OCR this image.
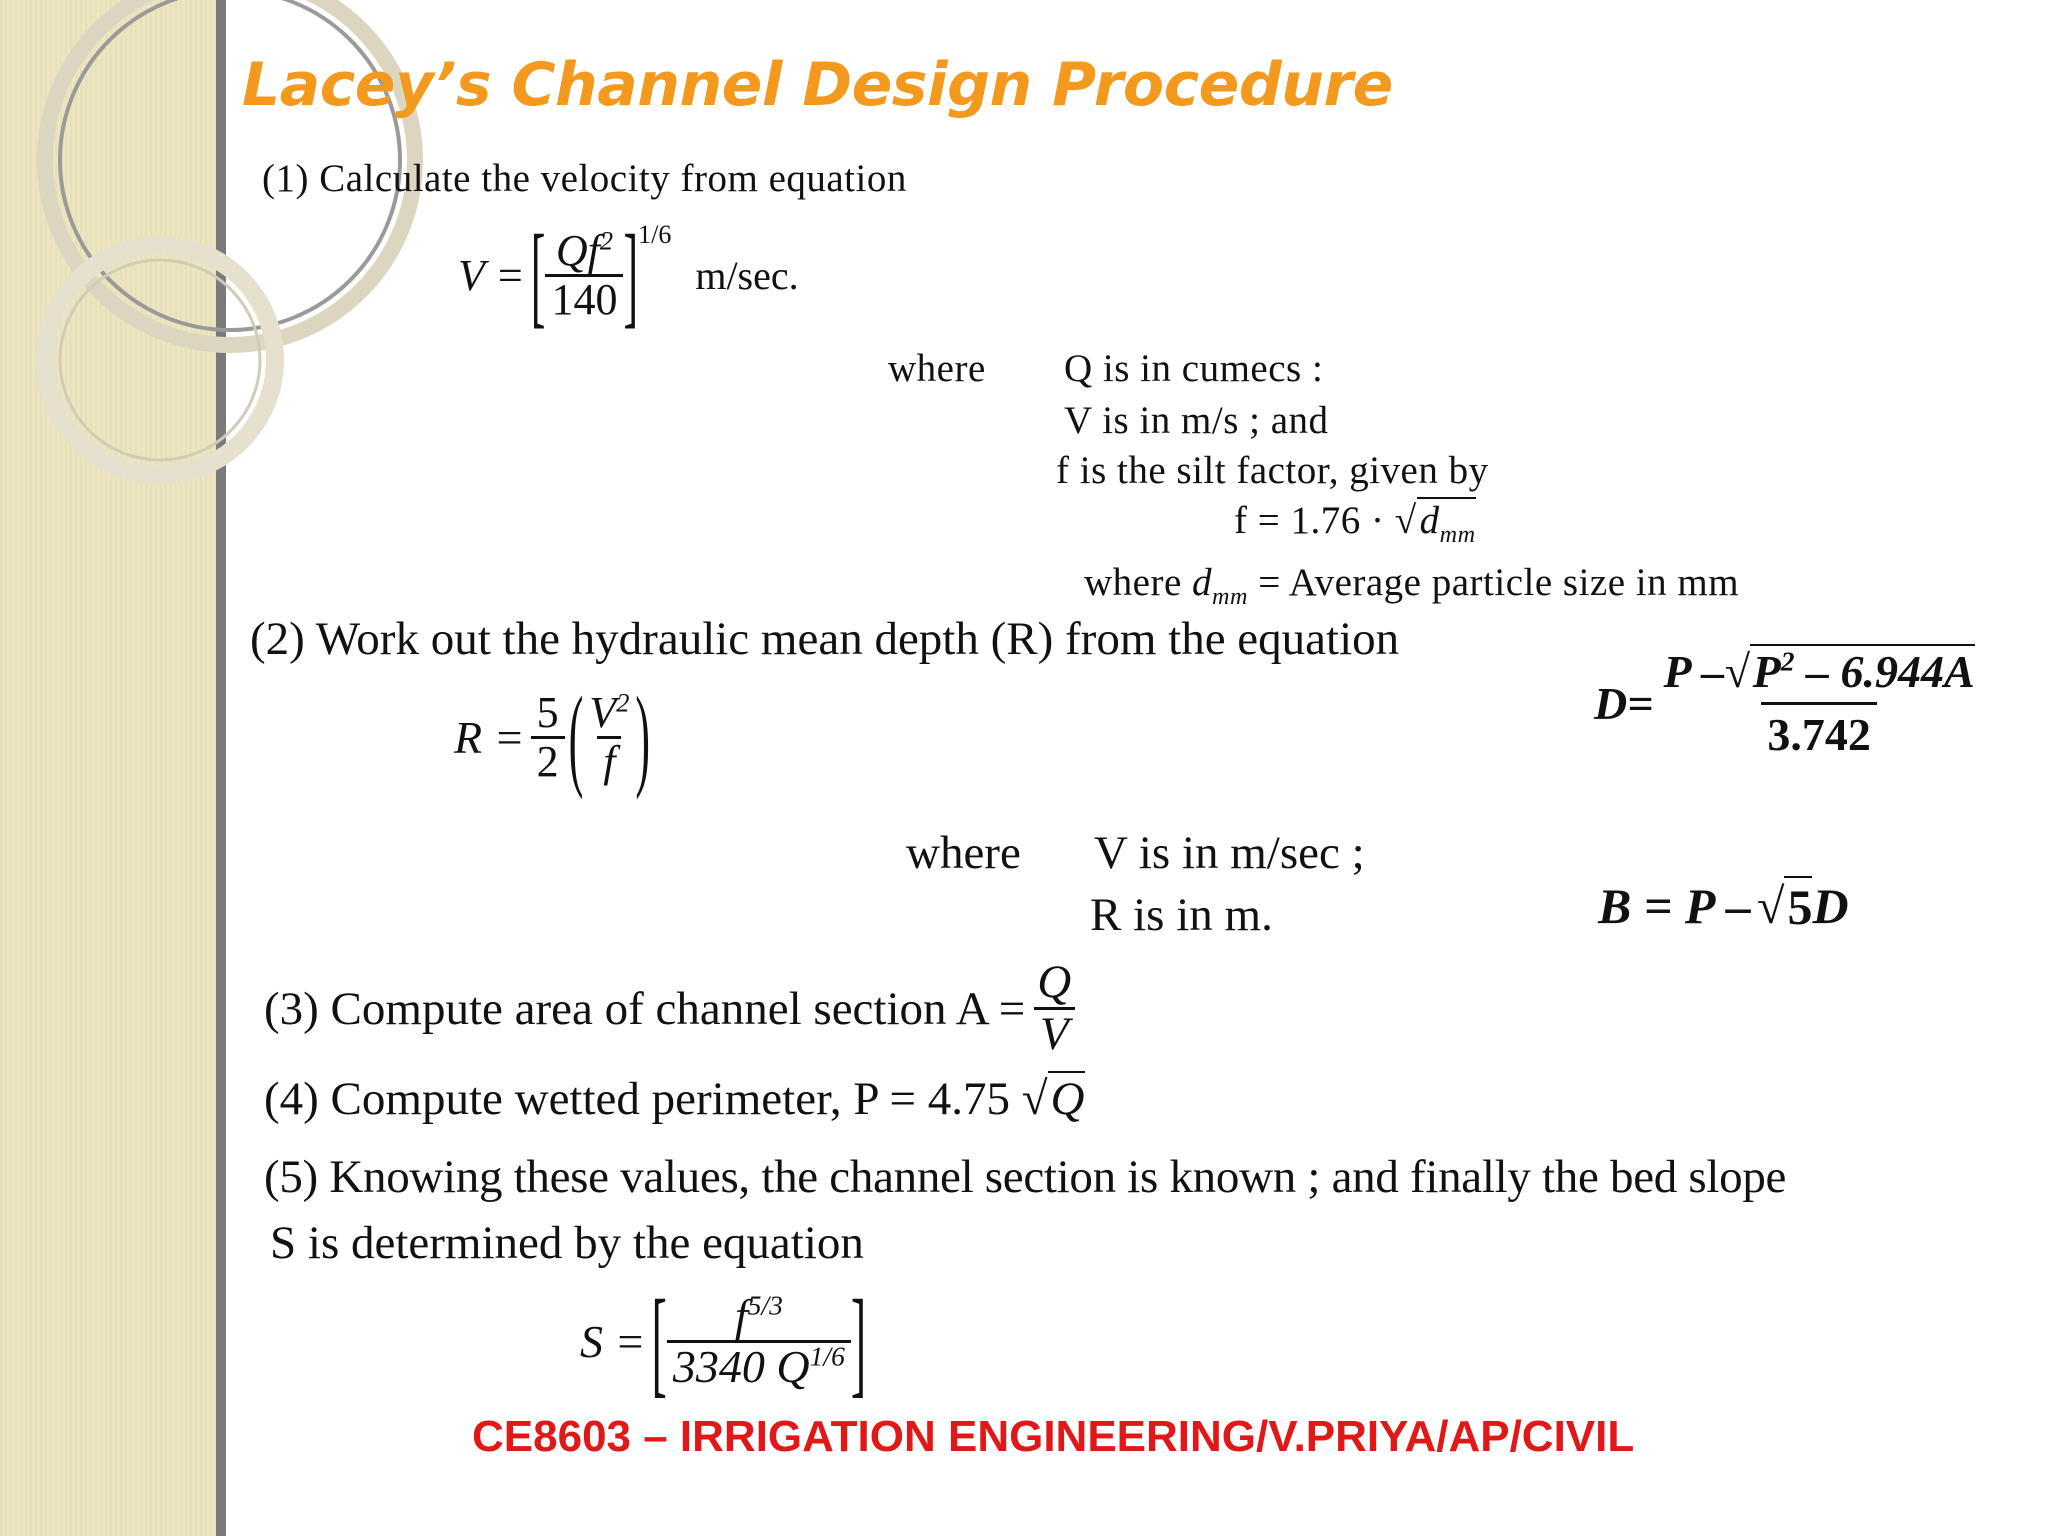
Lacey’s Channel Design Procedure
(1) Calculate the velocity from equation
V = [ $\frac{Qf^2}{140}$ ] 1/6
m/sec.
where Q is in cumecs :
V is in m/s ; and
f is the silt factor, given by
$f = 1.76 \cdot √d_{mm}$
where $d_{mm}$ = Average particle size in mm
(2) Work out the hydraulic mean depth (R) from the equation
$R = \frac{5}{2}$ ( $\frac{V^2}{f}$ )
where V is in m/sec ;
R is in m.
$D= \frac{P -√P^2 - 6.944A}{3.742}$
B = P – √ 5 D
(3) Compute area of channel section $A = \frac{Q}{V}$
(4) Compute wetted perimeter, P = 4.75 √Q
(5) Knowing these values, the channel section is known ; and finally the bed slope
S is determined by the equation
S = [ $\frac{f^{5/3}}{3340 Q^{1/6}}$ ]
CE8603 – IRRIGATION ENGINEERING/V.PRIYA/AP/CIVIL
